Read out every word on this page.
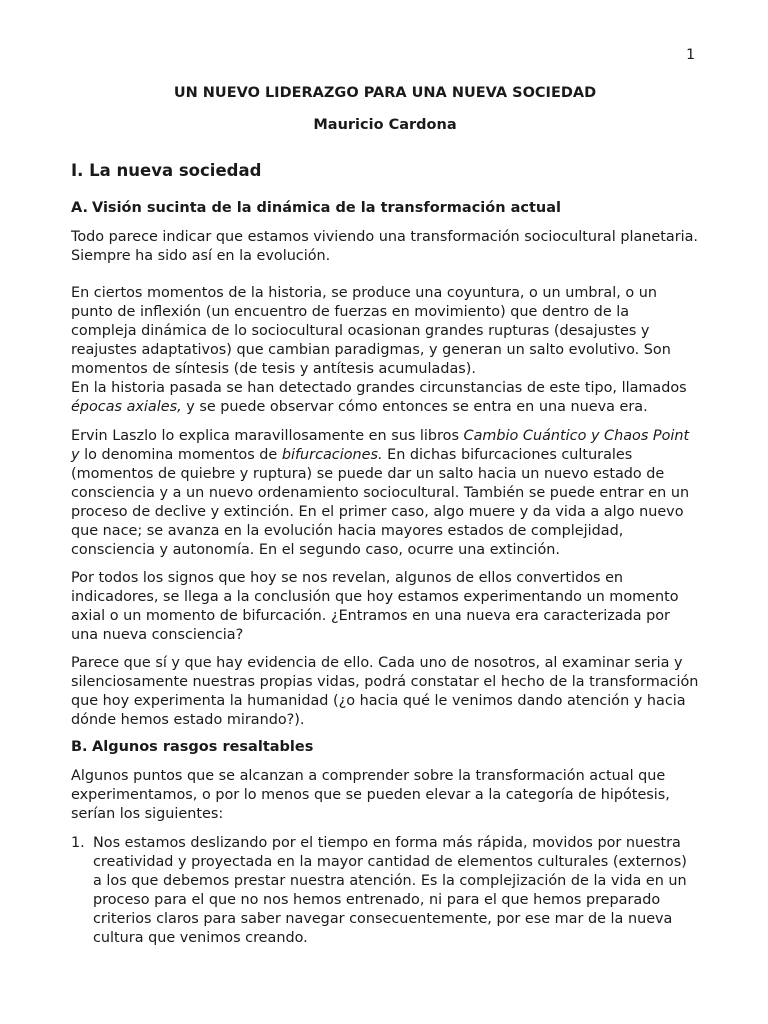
1
UN NUEVO LIDERAZGO PARA UNA NUEVA SOCIEDAD
Mauricio Cardona
I. La nueva sociedad
A. Visión sucinta de la dinámica de la transformación actual

Todo parece indicar que estamos viviendo una transformación sociocultural planetaria. Siempre ha sido así en la evolución.

En ciertos momentos de la historia, se produce una coyuntura, o un umbral, o un punto de inflexión (un encuentro de fuerzas en movimiento) que dentro de la compleja dinámica de lo sociocultural ocasionan grandes rupturas (desajustes y reajustes adaptativos) que cambian paradigmas, y generan un salto evolutivo. Son momentos de síntesis (de tesis y antítesis acumuladas).

En la historia pasada se han detectado grandes circunstancias de este tipo, llamados épocas axiales, y se puede observar cómo entonces se entra en una nueva era.

Ervin Laszlo lo explica maravillosamente en sus libros Cambio Cuántico y Chaos Point y lo denomina momentos de bifurcaciones. En dichas bifurcaciones culturales (momentos de quiebre y ruptura) se puede dar un salto hacia un nuevo estado de consciencia y a un nuevo ordenamiento sociocultural. También se puede entrar en un proceso de declive y extinción. En el primer caso, algo muere y da vida a algo nuevo que nace; se avanza en la evolución hacia mayores estados de complejidad, consciencia y autonomía. En el segundo caso, ocurre una extinción.

Por todos los signos que hoy se nos revelan, algunos de ellos convertidos en indicadores, se llega a la conclusión que hoy estamos experimentando un momento axial o un momento de bifurcación. ¿Entramos en una nueva era caracterizada por una nueva consciencia?

Parece que sí y que hay evidencia de ello. Cada uno de nosotros, al examinar seria y silenciosamente nuestras propias vidas, podrá constatar el hecho de la transformación que hoy experimenta la humanidad (¿o hacia qué le venimos dando atención y hacia dónde hemos estado mirando?).

B. Algunos rasgos resaltables

Algunos puntos que se alcanzan a comprender sobre la transformación actual que experimentamos, o por lo menos que se pueden elevar a la categoría de hipótesis, serían los siguientes:

1. Nos estamos deslizando por el tiempo en forma más rápida, movidos por nuestra creatividad y proyectada en la mayor cantidad de elementos culturales (externos) a los que debemos prestar nuestra atención. Es la complejización de la vida en un proceso para el que no nos hemos entrenado, ni para el que hemos preparado criterios claros para saber navegar consecuentemente, por ese mar de la nueva cultura que venimos creando.
